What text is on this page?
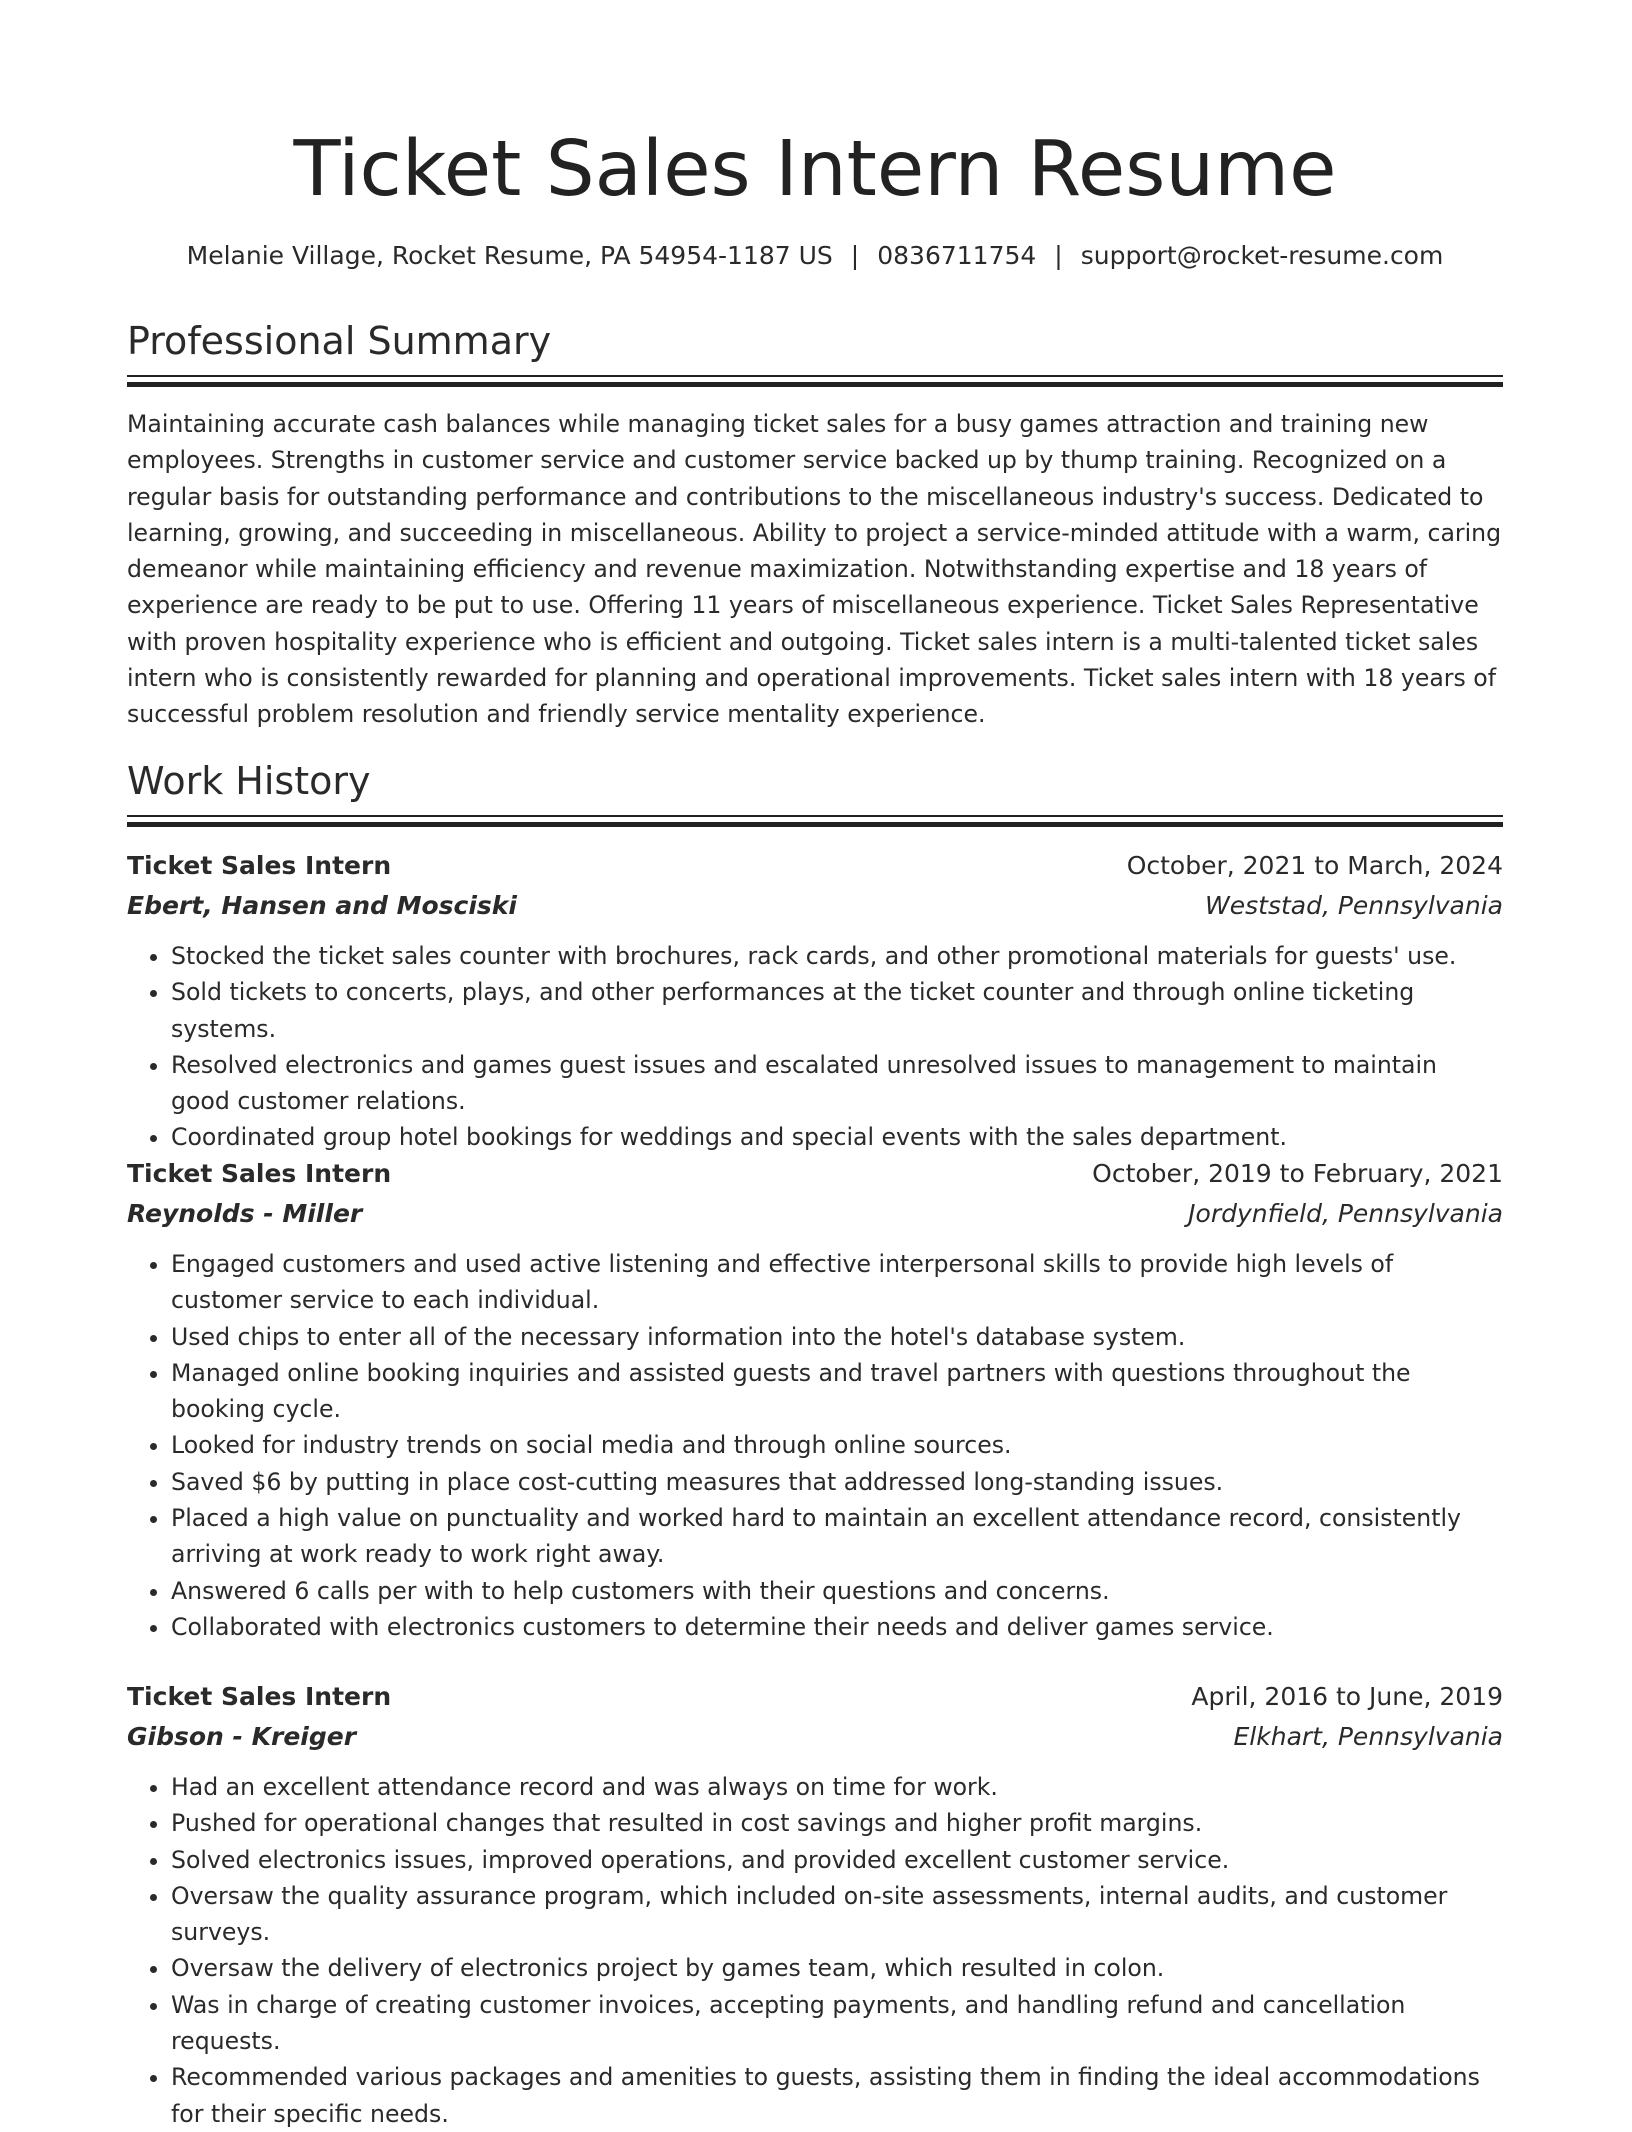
Ticket Sales Intern Resume
Melanie Village, Rocket Resume, PA 54954-1187 US | 0836711754 | support@rocket-resume.com
Professional Summary

Maintaining accurate cash balances while managing ticket sales for a busy games attraction and training new employees. Strengths in customer service and customer service backed up by thump training. Recognized on a regular basis for outstanding performance and contributions to the miscellaneous industry's success. Dedicated to learning, growing, and succeeding in miscellaneous. Ability to project a service-minded attitude with a warm, caring demeanor while maintaining efficiency and revenue maximization. Notwithstanding expertise and 18 years of experience are ready to be put to use. Offering 11 years of miscellaneous experience. Ticket Sales Representative with proven hospitality experience who is efficient and outgoing. Ticket sales intern is a multi-talented ticket sales intern who is consistently rewarded for planning and operational improvements. Ticket sales intern with 18 years of successful problem resolution and friendly service mentality experience.

Work History
Ticket Sales Intern	October, 2021 to March, 2024
Ebert, Hansen and Mosciski	Weststad, Pennsylvania
• Stocked the ticket sales counter with brochures, rack cards, and other promotional materials for guests' use.
• Sold tickets to concerts, plays, and other performances at the ticket counter and through online ticketing systems.
• Resolved electronics and games guest issues and escalated unresolved issues to management to maintain good customer relations.
• Coordinated group hotel bookings for weddings and special events with the sales department.
Ticket Sales Intern	October, 2019 to February, 2021
Reynolds - Miller	Jordynfield, Pennsylvania
• Engaged customers and used active listening and effective interpersonal skills to provide high levels of customer service to each individual.
• Used chips to enter all of the necessary information into the hotel's database system.
• Managed online booking inquiries and assisted guests and travel partners with questions throughout the booking cycle.
• Looked for industry trends on social media and through online sources.
• Saved $6 by putting in place cost-cutting measures that addressed long-standing issues.
• Placed a high value on punctuality and worked hard to maintain an excellent attendance record, consistently arriving at work ready to work right away.
• Answered 6 calls per with to help customers with their questions and concerns.
• Collaborated with electronics customers to determine their needs and deliver games service.
Ticket Sales Intern	April, 2016 to June, 2019
Gibson - Kreiger	Elkhart, Pennsylvania
• Had an excellent attendance record and was always on time for work.
• Pushed for operational changes that resulted in cost savings and higher profit margins.
• Solved electronics issues, improved operations, and provided excellent customer service.
• Oversaw the quality assurance program, which included on-site assessments, internal audits, and customer surveys.
• Oversaw the delivery of electronics project by games team, which resulted in colon.
• Was in charge of creating customer invoices, accepting payments, and handling refund and cancellation requests.
• Recommended various packages and amenities to guests, assisting them in finding the ideal accommodations for their specific needs.
